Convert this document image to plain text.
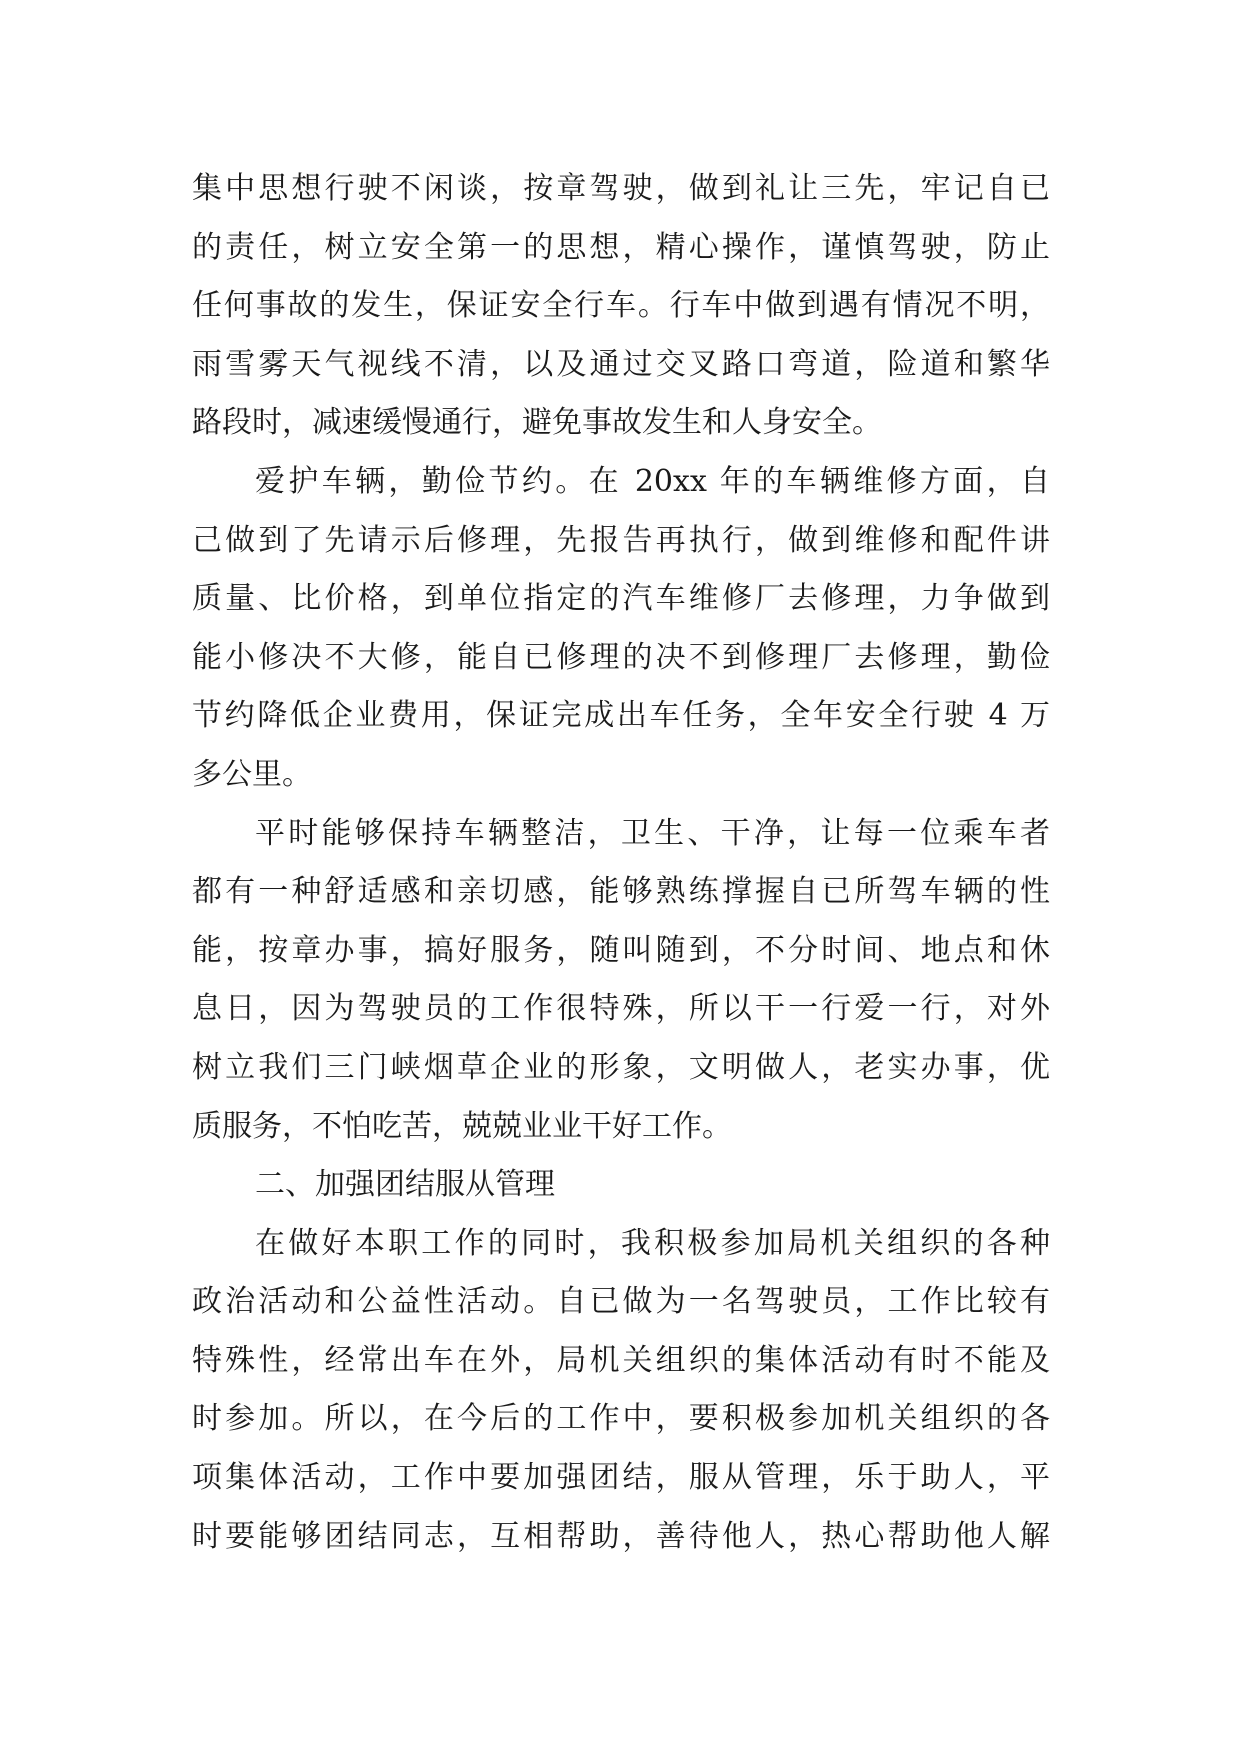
集中思想行驶不闲谈，按章驾驶，做到礼让三先，牢记自已
的责任，树立安全第一的思想，精心操作，谨慎驾驶，防止
任何事故的发生，保证安全行车。行车中做到遇有情况不明，
雨雪雾天气视线不清，以及通过交叉路口弯道，险道和繁华
路段时，减速缓慢通行，避免事故发生和人身安全。
爱护车辆，勤俭节约。在 20xx 年的车辆维修方面，自
己做到了先请示后修理，先报告再执行，做到维修和配件讲
质量、比价格，到单位指定的汽车维修厂去修理，力争做到
能小修决不大修，能自已修理的决不到修理厂去修理，勤俭
节约降低企业费用，保证完成出车任务，全年安全行驶 4 万
多公里。
平时能够保持车辆整洁，卫生、干净，让每一位乘车者
都有一种舒适感和亲切感，能够熟练撑握自已所驾车辆的性
能，按章办事，搞好服务，随叫随到，不分时间、地点和休
息日，因为驾驶员的工作很特殊，所以干一行爱一行，对外
树立我们三门峡烟草企业的形象，文明做人，老实办事，优
质服务，不怕吃苦，兢兢业业干好工作。
二、加强团结服从管理
在做好本职工作的同时，我积极参加局机关组织的各种
政治活动和公益性活动。自已做为一名驾驶员，工作比较有
特殊性，经常出车在外，局机关组织的集体活动有时不能及
时参加。所以，在今后的工作中，要积极参加机关组织的各
项集体活动，工作中要加强团结，服从管理，乐于助人，平
时要能够团结同志，互相帮助，善待他人，热心帮助他人解
